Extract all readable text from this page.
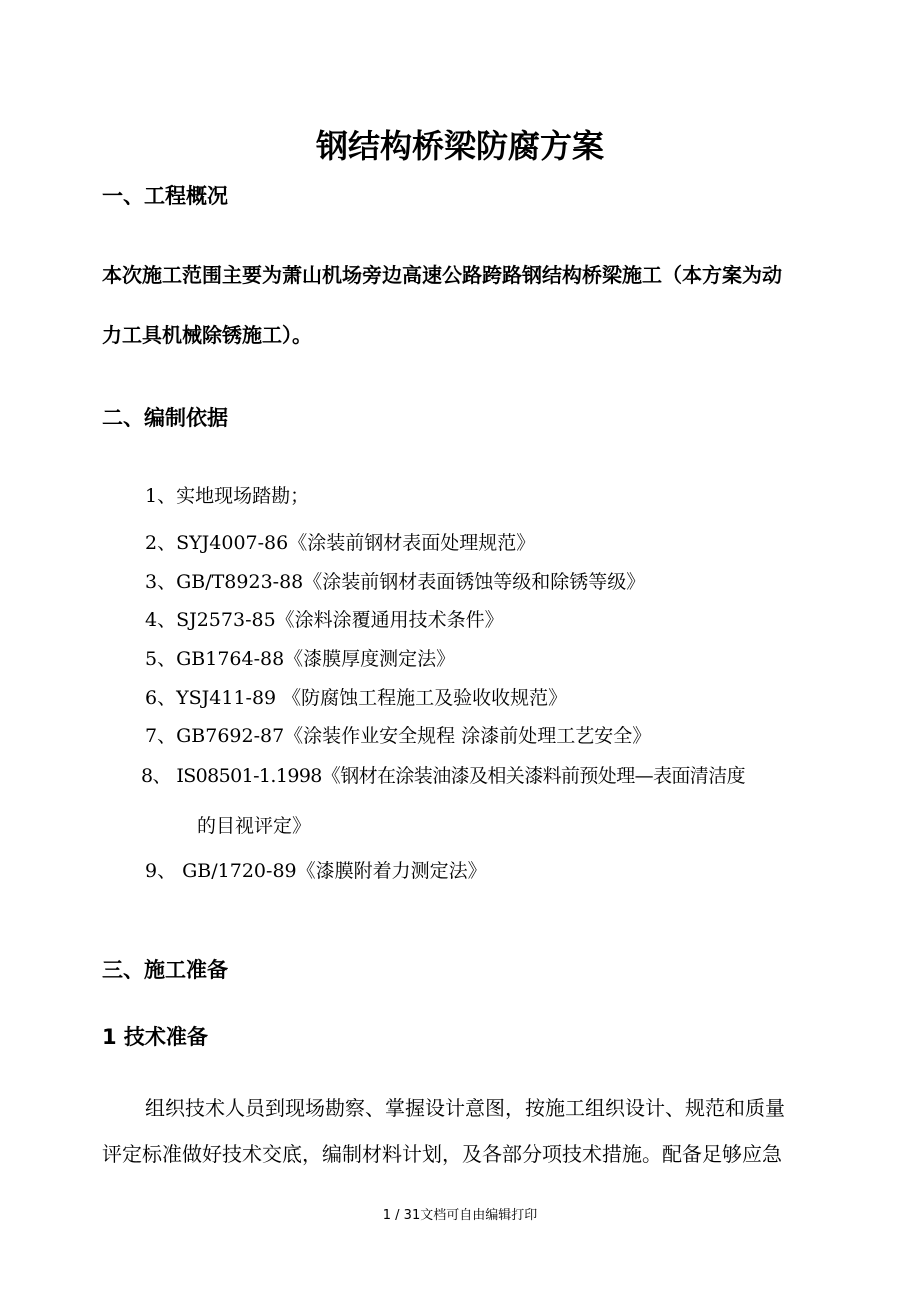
钢结构桥梁防腐方案
一、工程概况
本次施工范围主要为萧山机场旁边高速公路跨路钢结构桥梁施工（本方案为动
力工具机械除锈施工）。
二、编制依据
1、实地现场踏勘；
2、SYJ4007-86《涂装前钢材表面处理规范》
3、GB/T8923-88《涂装前钢材表面锈蚀等级和除锈等级》
4、SJ2573-85《涂料涂覆通用技术条件》
5、GB1764-88《漆膜厚度测定法》
6、YSJ411-89 《防腐蚀工程施工及验收收规范》
7、GB7692-87《涂装作业安全规程 涂漆前处理工艺安全》
8、 IS08501-1.1998《钢材在涂装油漆及相关漆料前预处理—表面清洁度
的目视评定》
9、 GB/1720-89《漆膜附着力测定法》
三、施工准备
1 技术准备
组织技术人员到现场勘察、掌握设计意图，按施工组织设计、规范和质量
评定标准做好技术交底，编制材料计划，及各部分项技术措施。配备足够应急
1 / 31文档可自由编辑打印
